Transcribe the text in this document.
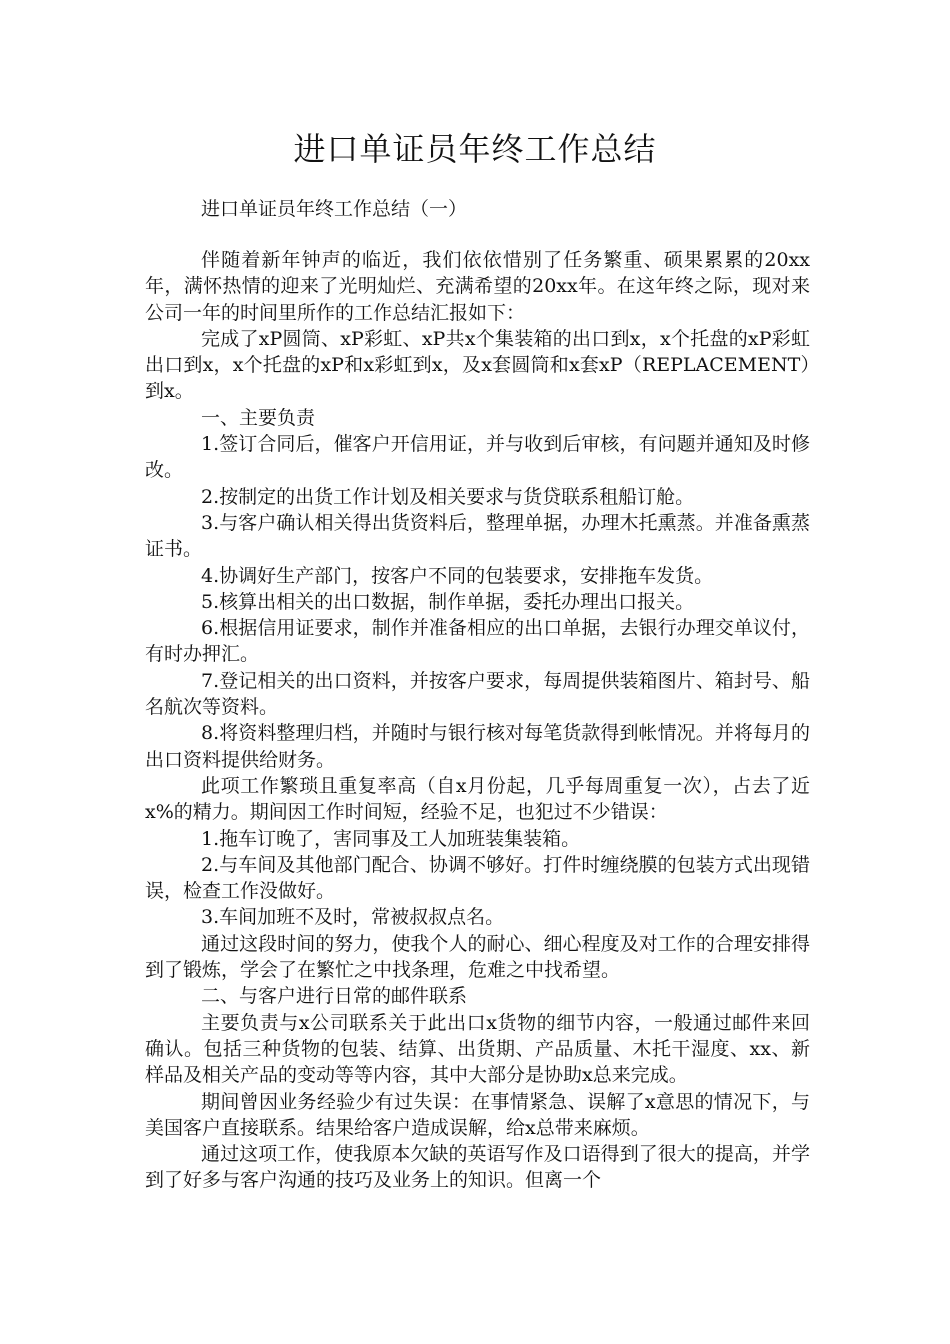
进口单证员年终工作总结
进口单证员年终工作总结（一）

伴随着新年钟声的临近，我们依依惜别了任务繁重、硕果累累的20xx年，满怀热情的迎来了光明灿烂、充满希望的20xx年。在这年终之际，现对来公司一年的时间里所作的工作总结汇报如下：

完成了xP圆筒、xP彩虹、xP共x个集装箱的出口到x，x个托盘的xP彩虹出口到x，x个托盘的xP和x彩虹到x，及x套圆筒和x套xP（REPLACEMENT）到x。

一、主要负责

1.签订合同后，催客户开信用证，并与收到后审核，有问题并通知及时修改。

2.按制定的出货工作计划及相关要求与货贷联系租船订舱。

3.与客户确认相关得出货资料后，整理单据，办理木托熏蒸。并准备熏蒸证书。

4.协调好生产部门，按客户不同的包装要求，安排拖车发货。

5.核算出相关的出口数据，制作单据，委托办理出口报关。

6.根据信用证要求，制作并准备相应的出口单据，去银行办理交单议付，有时办押汇。

7.登记相关的出口资料，并按客户要求，每周提供装箱图片、箱封号、船名航次等资料。

8.将资料整理归档，并随时与银行核对每笔货款得到帐情况。并将每月的出口资料提供给财务。

此项工作繁琐且重复率高（自x月份起，几乎每周重复一次），占去了近x%的精力。期间因工作时间短，经验不足，也犯过不少错误：

1.拖车订晚了，害同事及工人加班装集装箱。

2.与车间及其他部门配合、协调不够好。打件时缠绕膜的包装方式出现错误，检查工作没做好。

3.车间加班不及时，常被叔叔点名。

通过这段时间的努力，使我个人的耐心、细心程度及对工作的合理安排得到了锻炼，学会了在繁忙之中找条理，危难之中找希望。

二、与客户进行日常的邮件联系

主要负责与x公司联系关于此出口x货物的细节内容，一般通过邮件来回确认。包括三种货物的包装、结算、出货期、产品质量、木托干湿度、xx、新样品及相关产品的变动等等内容，其中大部分是协助x总来完成。

期间曾因业务经验少有过失误：在事情紧急、误解了x意思的情况下，与美国客户直接联系。结果给客户造成误解，给x总带来麻烦。

通过这项工作，使我原本欠缺的英语写作及口语得到了很大的提高，并学到了好多与客户沟通的技巧及业务上的知识。但离一个
